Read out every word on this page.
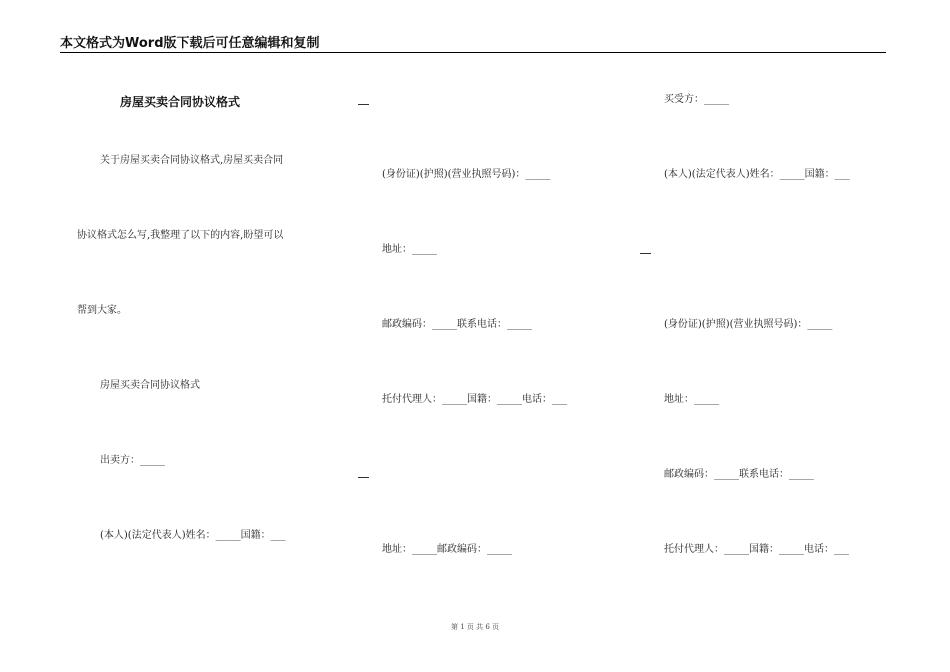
本文格式为Word版下载后可任意编辑和复制
房屋买卖合同协议格式
关于房屋买卖合同协议格式,房屋买卖合同
协议格式怎么写,我整理了以下的内容,盼望可以
帮到大家。
房屋买卖合同协议格式
出卖方：_____
(本人)(法定代表人)姓名：_____国籍：___
(身份证)(护照)(营业执照号码)：_____
地址：_____
邮政编码：_____联系电话：_____
托付代理人：_____国籍：_____电话：___
地址：_____邮政编码：_____
买受方：_____
(本人)(法定代表人)姓名：_____国籍：___
(身份证)(护照)(营业执照号码)：_____
地址：_____
邮政编码：_____联系电话：_____
托付代理人：_____国籍：_____电话：___
第 1 页 共 6 页
